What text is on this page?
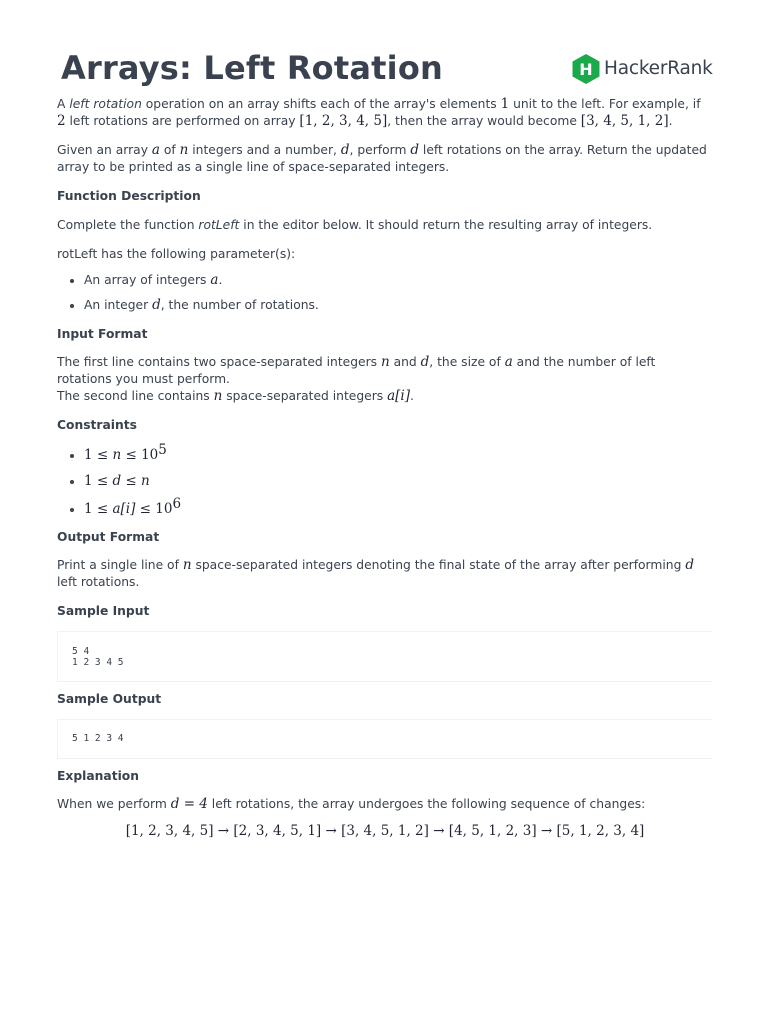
Arrays: Left Rotation	H HackerRank

A left rotation operation on an array shifts each of the array's elements 1 unit to the left. For example, if 2 left rotations are performed on array [1, 2, 3, 4, 5], then the array would become [3, 4, 5, 1, 2].

Given an array a of n integers and a number, d, perform d left rotations on the array. Return the updated array to be printed as a single line of space-separated integers.

Function Description

Complete the function rotLeft in the editor below. It should return the resulting array of integers.

rotLeft has the following parameter(s):

• An array of integers a.
• An integer d, the number of rotations.
Input Format

The first line contains two space-separated integers n and d, the size of a and the number of left rotations you must perform.
The second line contains n space-separated integers a[i].

Constraints
• $1 \le n \le 10^5$
• 1 ≤ d ≤ n
• $1 \le a[i] \le 10^6$
Output Format

Print a single line of n space-separated integers denoting the final state of the array after performing d left rotations.

Sample Input
5 4
1 2 3 4 5
Sample Output
5 1 2 3 4
Explanation

When we perform d = 4 left rotations, the array undergoes the following sequence of changes:

[1, 2, 3, 4, 5] → [2, 3, 4, 5, 1] → [3, 4, 5, 1, 2] → [4, 5, 1, 2, 3] → [5, 1, 2, 3, 4]
